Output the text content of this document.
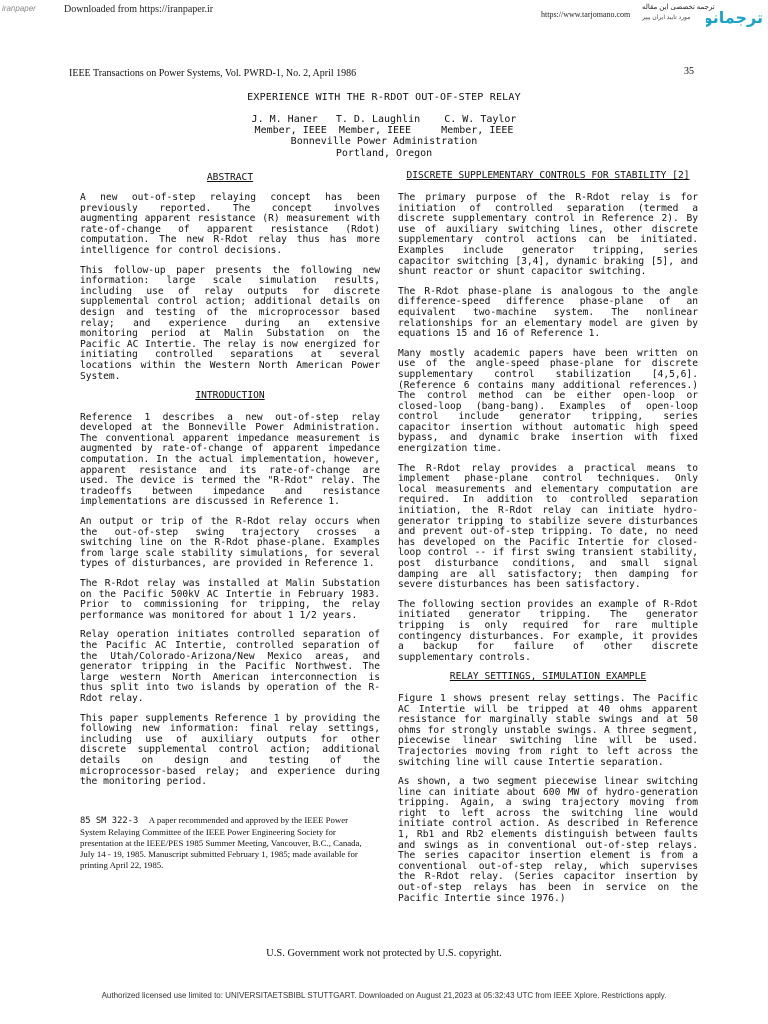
iranpaper	Downloaded from https://iranpaper.ir	https://www.tarjomano.com
ترجمه تخصصی این مقاله
مورد تایید ایران پیپر ترجمانو
IEEE Transactions on Power Systems, Vol. PWRD-1, No. 2, April 1986	35
EXPERIENCE WITH THE R-RDOT OUT-OF-STEP RELAY
J. M. Haner   T. D. Laughlin    C. W. Taylor
Member, IEEE  Member, IEEE     Member, IEEE
Bonneville Power Administration
Portland, Oregon
ABSTRACT	DISCRETE SUPPLEMENTARY CONTROLS FOR STABILITY [2]

A new out-of-step relaying concept has been previously reported. The concept involves augmenting apparent resistance (R) measurement with rate-of-change of apparent resistance (Rdot) computation. The new R-Rdot relay thus has more intelligence for control decisions.

This follow-up paper presents the following new information: large scale simulation results, including use of relay outputs for discrete supplemental control action; additional details on design and testing of the microprocessor based relay; and experience during an extensive monitoring period at Malin Substation on the Pacific AC Intertie. The relay is now energized for initiating controlled separations at several locations within the Western North American Power System.

INTRODUCTION

Reference 1 describes a new out-of-step relay developed at the Bonneville Power Administration. The conventional apparent impedance measurement is augmented by rate-of-change of apparent impedance computation. In the actual implementation, however, apparent resistance and its rate-of-change are used. The device is termed the "R-Rdot" relay. The tradeoffs between impedance and resistance implementations are discussed in Reference 1.

An output or trip of the R-Rdot relay occurs when the out-of-step swing trajectory crosses a switching line on the R-Rdot phase-plane. Examples from large scale stability simulations, for several types of disturbances, are provided in Reference 1.

The R-Rdot relay was installed at Malin Substation on the Pacific 500kV AC Intertie in February 1983. Prior to commissioning for tripping, the relay performance was monitored for about 1 1/2 years.

Relay operation initiates controlled separation of the Pacific AC Intertie, controlled separation of the Utah/Colorado-Arizona/New Mexico areas, and generator tripping in the Pacific Northwest. The large western North American interconnection is thus split into two islands by operation of the R-Rdot relay.

This paper supplements Reference 1 by providing the following new information: final relay settings, including use of auxiliary outputs for other discrete supplemental control action; additional details on design and testing of the microprocessor-based relay; and experience during the monitoring period.

85 SM 322-3 A paper recommended and approved by the IEEE Power System Relaying Committee of the IEEE Power Engineering Society for presentation at the IEEE/PES 1985 Summer Meeting, Vancouver, B.C., Canada, July 14 - 19, 1985. Manuscript submitted February 1, 1985; made available for printing April 22, 1985.

The primary purpose of the R-Rdot relay is for initiation of controlled separation (termed a discrete supplementary control in Reference 2). By use of auxiliary switching lines, other discrete supplementary control actions can be initiated. Examples include generator tripping, series capacitor switching [3,4], dynamic braking [5], and shunt reactor or shunt capacitor switching.

The R-Rdot phase-plane is analogous to the angle difference-speed difference phase-plane of an equivalent two-machine system. The nonlinear relationships for an elementary model are given by equations 15 and 16 of Reference 1.

Many mostly academic papers have been written on use of the angle-speed phase-plane for discrete supplementary control stabilization [4,5,6]. (Reference 6 contains many additional references.) The control method can be either open-loop or closed-loop (bang-bang). Examples of open-loop control include generator tripping, series capacitor insertion without automatic high speed bypass, and dynamic brake insertion with fixed energization time.

The R-Rdot relay provides a practical means to implement phase-plane control techniques. Only local measurements and elementary computation are required. In addition to controlled separation initiation, the R-Rdot relay can initiate hydro-generator tripping to stabilize severe disturbances and prevent out-of-step tripping. To date, no need has developed on the Pacific Intertie for closed-loop control -- if first swing transient stability, post disturbance conditions, and small signal damping are all satisfactory; then damping for severe disturbances has been satisfactory.

The following section provides an example of R-Rdot initiated generator tripping. The generator tripping is only required for rare multiple contingency disturbances. For example, it provides a backup for failure of other discrete supplementary controls.

RELAY SETTINGS, SIMULATION EXAMPLE

Figure 1 shows present relay settings. The Pacific AC Intertie will be tripped at 40 ohms apparent resistance for marginally stable swings and at 50 ohms for strongly unstable swings. A three segment, piecewise linear switching line will be used. Trajectories moving from right to left across the switching line will cause Intertie separation.

As shown, a two segment piecewise linear switching line can initiate about 600 MW of hydro-generation tripping. Again, a swing trajectory moving from right to left across the switching line would initiate control action. As described in Reference 1, Rb1 and Rb2 elements distinguish between faults and swings as in conventional out-of-step relays. The series capacitor insertion element is from a conventional out-of-step relay, which supervises the R-Rdot relay. (Series capacitor insertion by out-of-step relays has been in service on the Pacific Intertie since 1976.)

U.S. Government work not protected by U.S. copyright.
Authorized licensed use limited to: UNIVERSITAETSBIBL STUTTGART. Downloaded on August 21,2023 at 05:32:43 UTC from IEEE Xplore. Restrictions apply.
